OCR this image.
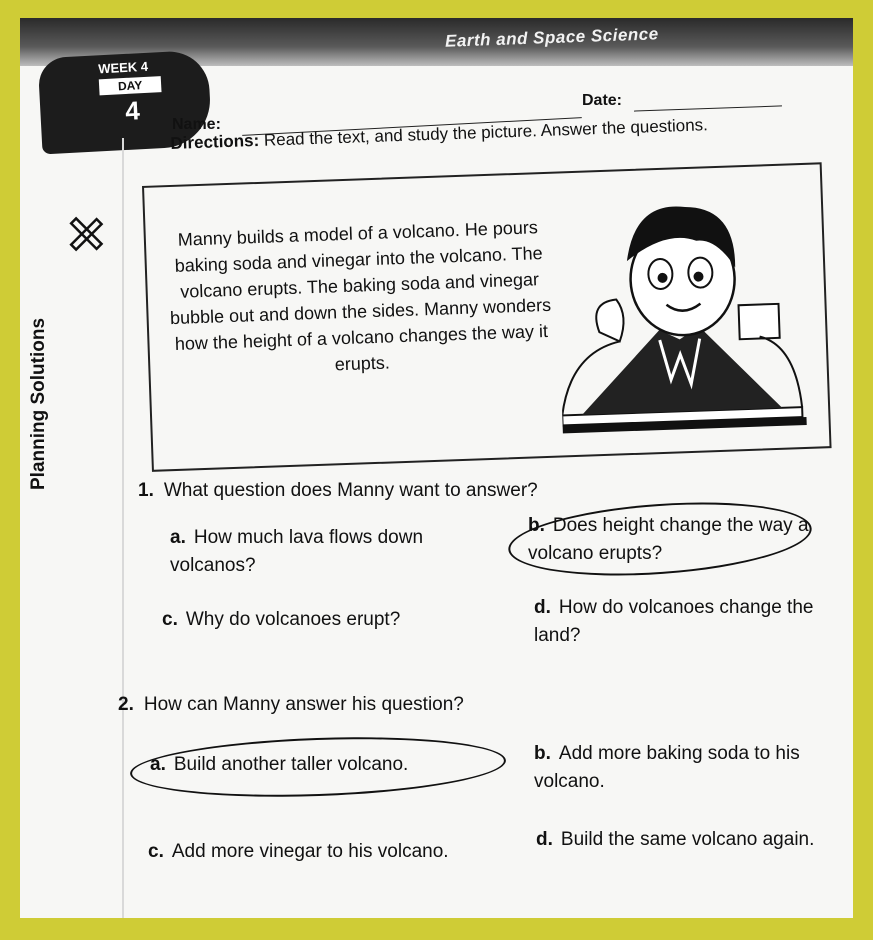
Earth and Space Science
WEEK 4
DAY
4
Planning Solutions
Name:
Date:
Directions: Read the text, and study the picture. Answer the questions.
Manny builds a model of a volcano. He pours baking soda and vinegar into the volcano. The volcano erupts. The baking soda and vinegar bubble out and down the sides. Manny wonders how the height of a volcano changes the way it erupts.
1. What question does Manny want to answer?
a. How much lava flows down volcanos?
b. Does height change the way a volcano erupts?
c. Why do volcanoes erupt?
d. How do volcanoes change the land?
2. How can Manny answer his question?
a. Build another taller volcano.
b. Add more baking soda to his volcano.
c. Add more vinegar to his volcano.
d. Build the same volcano again.
